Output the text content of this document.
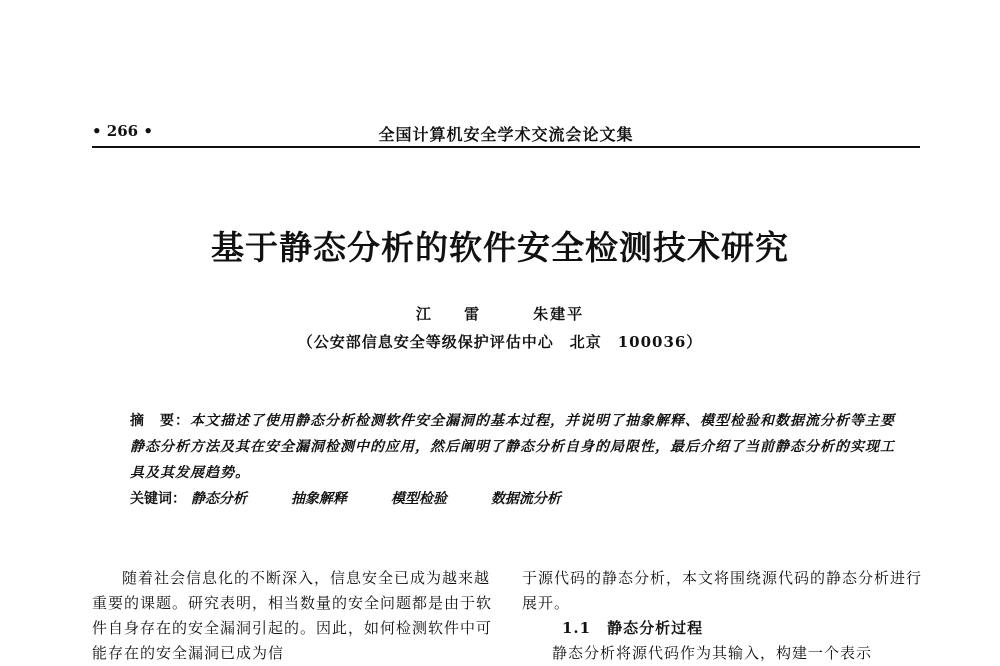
• 266 •	全国计算机安全学术交流会论文集
基于静态分析的软件安全检测技术研究
江 雷	朱建平
（公安部信息安全等级保护评估中心　北京　100036）
摘　要：本文描述了使用静态分析检测软件安全漏洞的基本过程，并说明了抽象解释、模型检验和数据流分析等主要静态分析方法及其在安全漏洞检测中的应用，然后阐明了静态分析自身的局限性，最后介绍了当前静态分析的实现工具及其发展趋势。
关键词： 静态分析	抽象解释	模型检验	数据流分析

随着社会信息化的不断深入，信息安全已成为越来越重要的课题。研究表明，相当数量的安全问题都是由于软件自身存在的安全漏洞引起的。因此，如何检测软件中可能存在的安全漏洞已成为信

于源代码的静态分析，本文将围绕源代码的静态分析进行展开。

1.1 静态分析过程

静态分析将源代码作为其输入，构建一个表示
